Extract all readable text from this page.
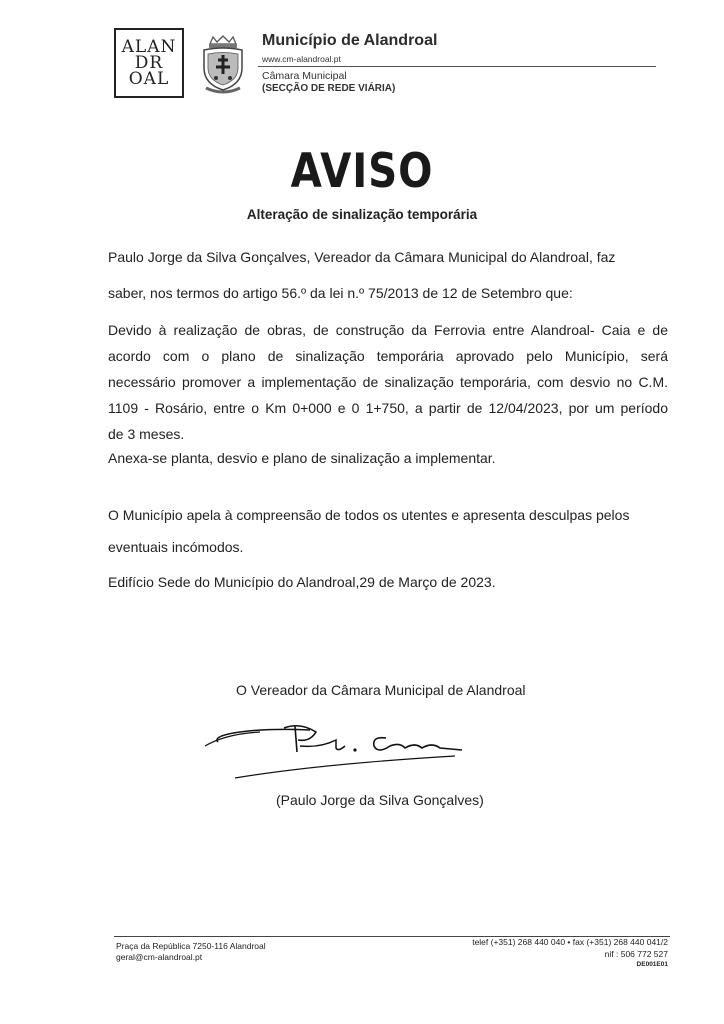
ALAN
DR
OAL
Município de Alandroal
www.cm-alandroal.pt
Câmara Municipal
(SECÇÃO DE REDE VIÁRIA)
AVISO
Alteração de sinalização temporária
Paulo Jorge da Silva Gonçalves, Vereador da Câmara Municipal do Alandroal, faz
saber, nos termos do artigo 56.º da lei n.º 75/2013 de 12 de Setembro que:
Devido à realização de obras, de construção da Ferrovia entre Alandroal- Caia e de
acordo com o plano de sinalização temporária aprovado pelo Município, será
necessário promover a implementação de sinalização temporária, com desvio no C.M.
1109 - Rosário, entre o Km 0+000 e 0 1+750, a partir de 12/04/2023, por um período
de 3 meses.
Anexa-se planta, desvio e plano de sinalização a implementar.
O Município apela à compreensão de todos os utentes e apresenta desculpas pelos
eventuais incómodos.
Edifício Sede do Município do Alandroal,29 de Março de 2023.
O Vereador da Câmara Municipal de Alandroal
(Paulo Jorge da Silva Gonçalves)
Praça da República 7250-116 Alandroal
geral@cm-alandroal.pt
telef (+351) 268 440 040 • fax (+351) 268 440 041/2
nif : 506 772 527
DE001E01
